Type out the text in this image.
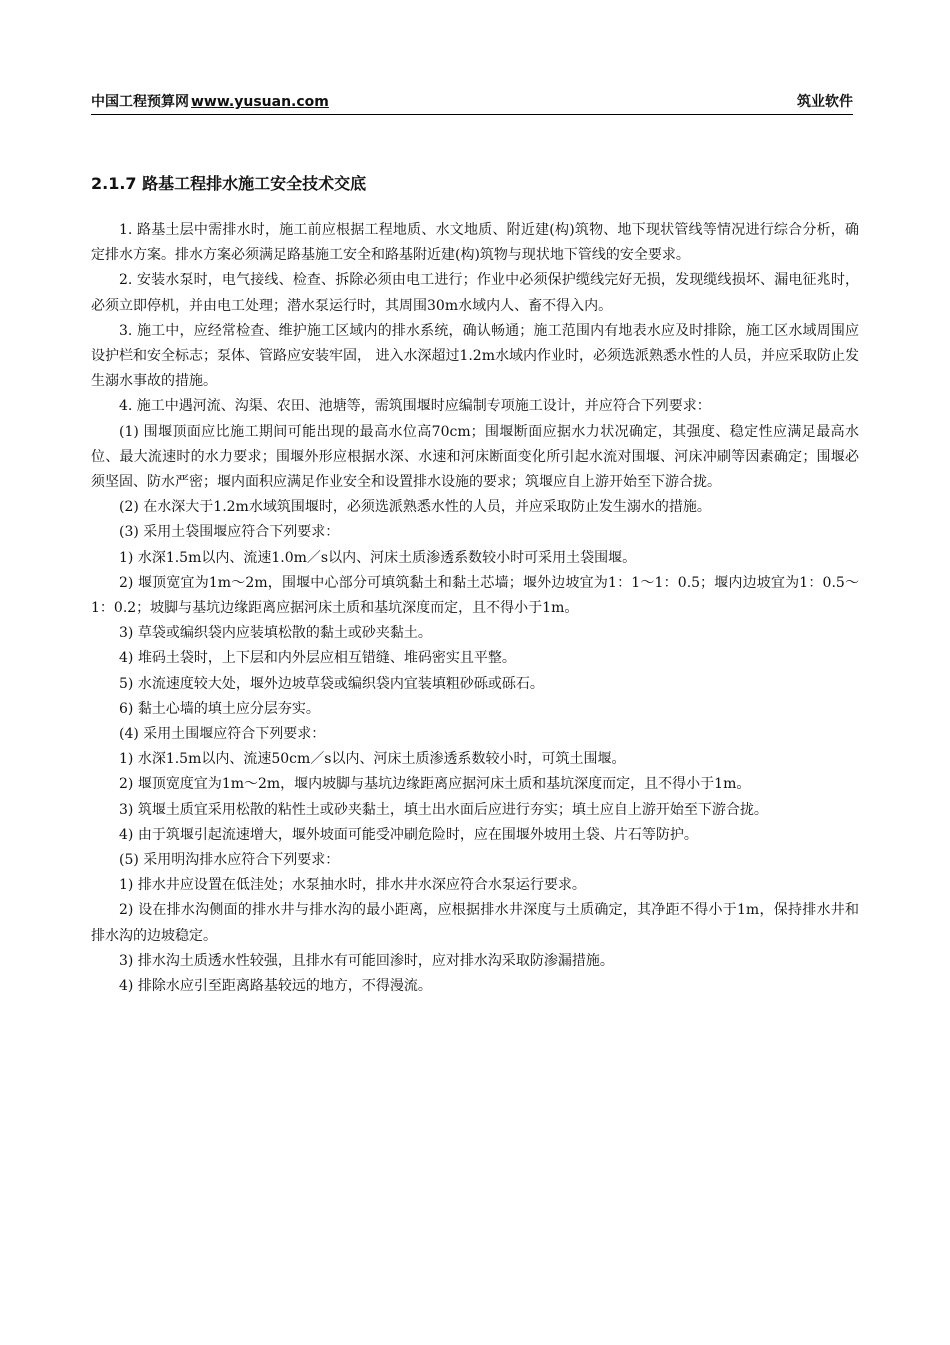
中国工程预算网 www.yusuan.com	筑业软件
2.1.7 路基工程排水施工安全技术交底

1. 路基土层中需排水时，施工前应根据工程地质、水文地质、附近建(构)筑物、地下现状管线等情况进行综合分析，确定排水方案。排水方案必须满足路基施工安全和路基附近建(构)筑物与现状地下管线的安全要求。

2. 安装水泵时，电气接线、检查、拆除必须由电工进行；作业中必须保护缆线完好无损，发现缆线损坏、漏电征兆时，必须立即停机，并由电工处理；潜水泵运行时，其周围30m水域内人、畜不得入内。

3. 施工中，应经常检查、维护施工区域内的排水系统，确认畅通；施工范围内有地表水应及时排除，施工区水域周围应设护栏和安全标志；泵体、管路应安装牢固， 进入水深超过1.2m水域内作业时，必须选派熟悉水性的人员，并应采取防止发生溺水事故的措施。

4. 施工中遇河流、沟渠、农田、池塘等，需筑围堰时应编制专项施工设计，并应符合下列要求：

(1) 围堰顶面应比施工期间可能出现的最高水位高70cm；围堰断面应据水力状况确定，其强度、稳定性应满足最高水位、最大流速时的水力要求；围堰外形应根据水深、水速和河床断面变化所引起水流对围堰、河床冲刷等因素确定；围堰必须坚固、防水严密；堰内面积应满足作业安全和设置排水设施的要求；筑堰应自上游开始至下游合拢。

(2) 在水深大于1.2m水域筑围堰时，必须选派熟悉水性的人员，并应采取防止发生溺水的措施。

(3) 采用土袋围堰应符合下列要求：

1) 水深1.5m以内、流速1.0m／s以内、河床土质渗透系数较小时可采用土袋围堰。

2) 堰顶宽宜为1m～2m，围堰中心部分可填筑黏土和黏土芯墙；堰外边坡宜为1：1～1：0.5；堰内边坡宜为1：0.5～1：0.2；坡脚与基坑边缘距离应据河床土质和基坑深度而定，且不得小于1m。

3) 草袋或编织袋内应装填松散的黏土或砂夹黏土。

4) 堆码土袋时，上下层和内外层应相互错缝、堆码密实且平整。

5) 水流速度较大处，堰外边坡草袋或编织袋内宜装填粗砂砾或砾石。

6) 黏土心墙的填土应分层夯实。

(4) 采用土围堰应符合下列要求：

1) 水深1.5m以内、流速50cm／s以内、河床土质渗透系数较小时，可筑土围堰。

2) 堰顶宽度宜为1m～2m，堰内坡脚与基坑边缘距离应据河床土质和基坑深度而定，且不得小于1m。

3) 筑堰土质宜采用松散的粘性土或砂夹黏土，填土出水面后应进行夯实；填土应自上游开始至下游合拢。

4) 由于筑堰引起流速增大，堰外坡面可能受冲刷危险时，应在围堰外坡用土袋、片石等防护。

(5) 采用明沟排水应符合下列要求：

1) 排水井应设置在低洼处；水泵抽水时，排水井水深应符合水泵运行要求。

2) 设在排水沟侧面的排水井与排水沟的最小距离，应根据排水井深度与土质确定，其净距不得小于1m，保持排水井和排水沟的边坡稳定。

3) 排水沟土质透水性较强，且排水有可能回渗时，应对排水沟采取防渗漏措施。

4) 排除水应引至距离路基较远的地方，不得漫流。
